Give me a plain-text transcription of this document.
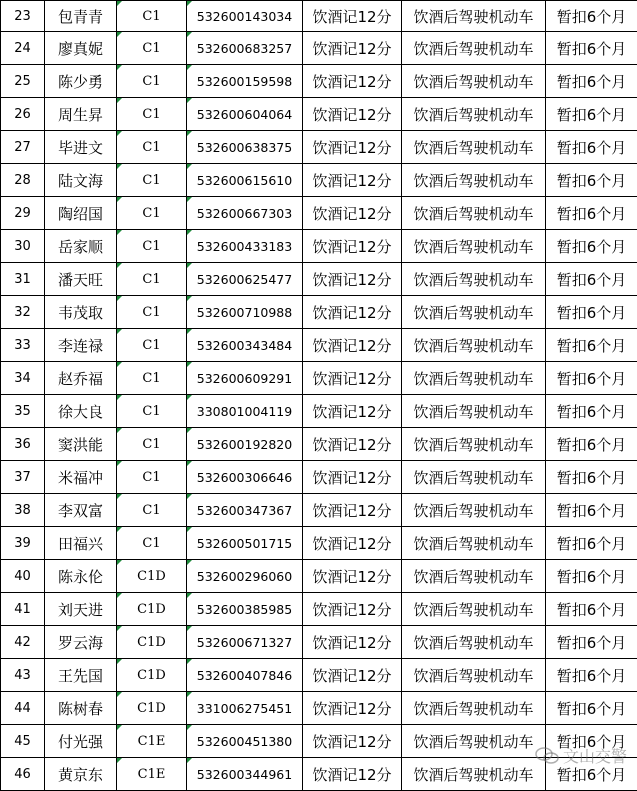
23	包青青	C1	532600143034	饮酒记12分	饮酒后驾驶机动车	暂扣6个月
24	廖真妮	C1	532600683257	饮酒记12分	饮酒后驾驶机动车	暂扣6个月
25	陈少勇	C1	532600159598	饮酒记12分	饮酒后驾驶机动车	暂扣6个月
26	周生昇	C1	532600604064	饮酒记12分	饮酒后驾驶机动车	暂扣6个月
27	毕进文	C1	532600638375	饮酒记12分	饮酒后驾驶机动车	暂扣6个月
28	陆文海	C1	532600615610	饮酒记12分	饮酒后驾驶机动车	暂扣6个月
29	陶绍国	C1	532600667303	饮酒记12分	饮酒后驾驶机动车	暂扣6个月
30	岳家顺	C1	532600433183	饮酒记12分	饮酒后驾驶机动车	暂扣6个月
31	潘天旺	C1	532600625477	饮酒记12分	饮酒后驾驶机动车	暂扣6个月
32	韦茂取	C1	532600710988	饮酒记12分	饮酒后驾驶机动车	暂扣6个月
33	李连禄	C1	532600343484	饮酒记12分	饮酒后驾驶机动车	暂扣6个月
34	赵乔福	C1	532600609291	饮酒记12分	饮酒后驾驶机动车	暂扣6个月
35	徐大良	C1	330801004119	饮酒记12分	饮酒后驾驶机动车	暂扣6个月
36	窦洪能	C1	532600192820	饮酒记12分	饮酒后驾驶机动车	暂扣6个月
37	米福冲	C1	532600306646	饮酒记12分	饮酒后驾驶机动车	暂扣6个月
38	李双富	C1	532600347367	饮酒记12分	饮酒后驾驶机动车	暂扣6个月
39	田福兴	C1	532600501715	饮酒记12分	饮酒后驾驶机动车	暂扣6个月
40	陈永伦	C1D	532600296060	饮酒记12分	饮酒后驾驶机动车	暂扣6个月
41	刘天进	C1D	532600385985	饮酒记12分	饮酒后驾驶机动车	暂扣6个月
42	罗云海	C1D	532600671327	饮酒记12分	饮酒后驾驶机动车	暂扣6个月
43	王先国	C1D	532600407846	饮酒记12分	饮酒后驾驶机动车	暂扣6个月
44	陈树春	C1D	331006275451	饮酒记12分	饮酒后驾驶机动车	暂扣6个月
45	付光强	C1E	532600451380	饮酒记12分	饮酒后驾驶机动车	暂扣6个月
46	黄京东	C1E	532600344961	饮酒记12分	饮酒后驾驶机动车	暂扣6个月
文山交警
